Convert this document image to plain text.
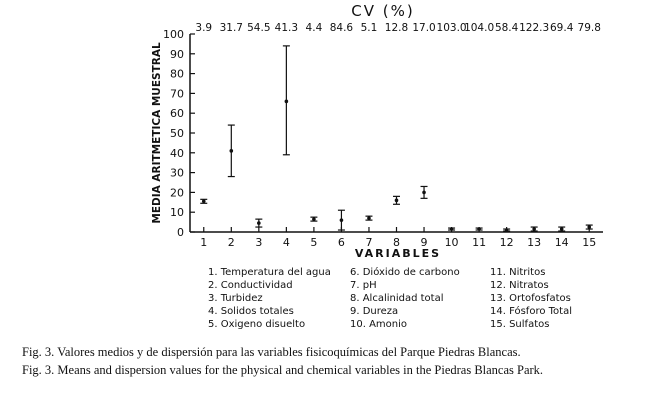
CV (%)
MEDIA ARITMETICA MUESTRAL
VARIABLES
0
10
20
30
40
50
60
70
80
90
100 3.9 31.7 54.5 41.3 4.4 84.6 5.1 12.8 17.0 103.0
104.0 58.4 122.3 69.4 79.8
1 2 3 4 5 6 7 8 9 10 11 12 13 14 15
1. Temperatura del agua
2. Conductividad
3. Turbidez
4. Solidos totales
5. Oxigeno disuelto
6. Dióxido de carbono
7. pH
8. Alcalinidad total
9. Dureza
10. Amonio
11. Nitritos
12. Nitratos
13. Ortofosfatos
14. Fósforo Total
15. Sulfatos
Fig. 3. Valores medios y de dispersión para las variables fisicoquímicas del Parque Piedras Blancas.
Fig. 3. Means and dispersion values for the physical and chemical variables in the Piedras Blancas Park.
